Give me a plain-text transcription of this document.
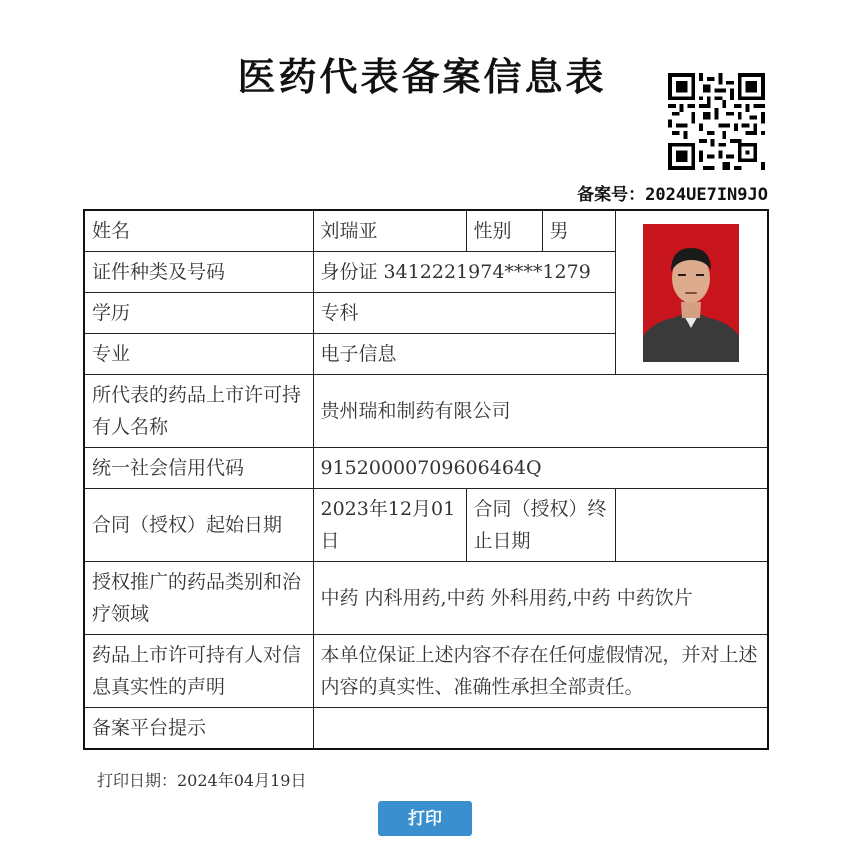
医药代表备案信息表
备案号：2024UE7IN9JO
姓名	刘瑞亚	性别	男	

证件种类及号码	身份证 3412221974****1279			
学历	专科			
专业	电子信息			
所代表的药品上市许可持有人名称	贵州瑞和制药有限公司			
统一社会信用代码	91520000709606464Q			
合同（授权）起始日期	2023年12月01日	合同（授权）终止日期		
授权推广的药品类别和治疗领域	中药 内科用药,中药 外科用药,中药 中药饮片			
药品上市许可持有人对信息真实性的声明	本单位保证上述内容不存在任何虚假情况，并对上述内容的真实性、准确性承担全部责任。			
备案平台提示				
打印日期：2024年04月19日
打印
